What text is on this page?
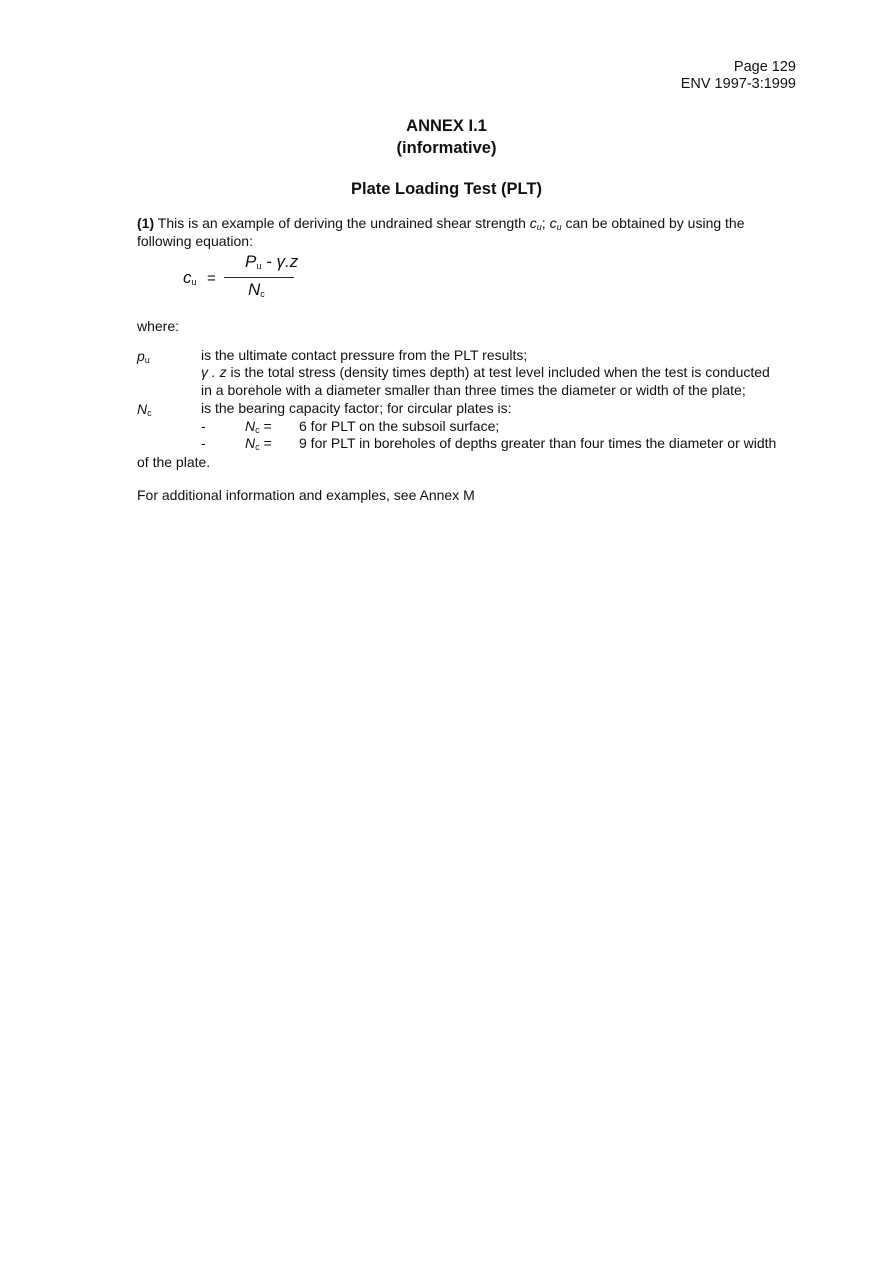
Page 129
ENV 1997-3:1999
ANNEX I.1
(informative)
Plate Loading Test (PLT)
(1) This is an example of deriving the undrained shear strength $c_u$; $c_u$ can be obtained by using the
following equation:
$c_u$ =
$P_u - \gamma.z$
$N_c$
where:
$p_u$	is the ultimate contact pressure from the PLT results;
γ . z is the total stress (density times depth) at test level included when the test is conducted
in a borehole with a diameter smaller than three times the diameter or width of the plate;
$N_c$	is the bearing capacity factor; for circular plates is:
-	$N_c = 6$ for PLT on the subsoil surface;
-	$N_c = 9$ for PLT in boreholes of depths greater than four times the diameter or width
of the plate.
For additional information and examples, see Annex M
